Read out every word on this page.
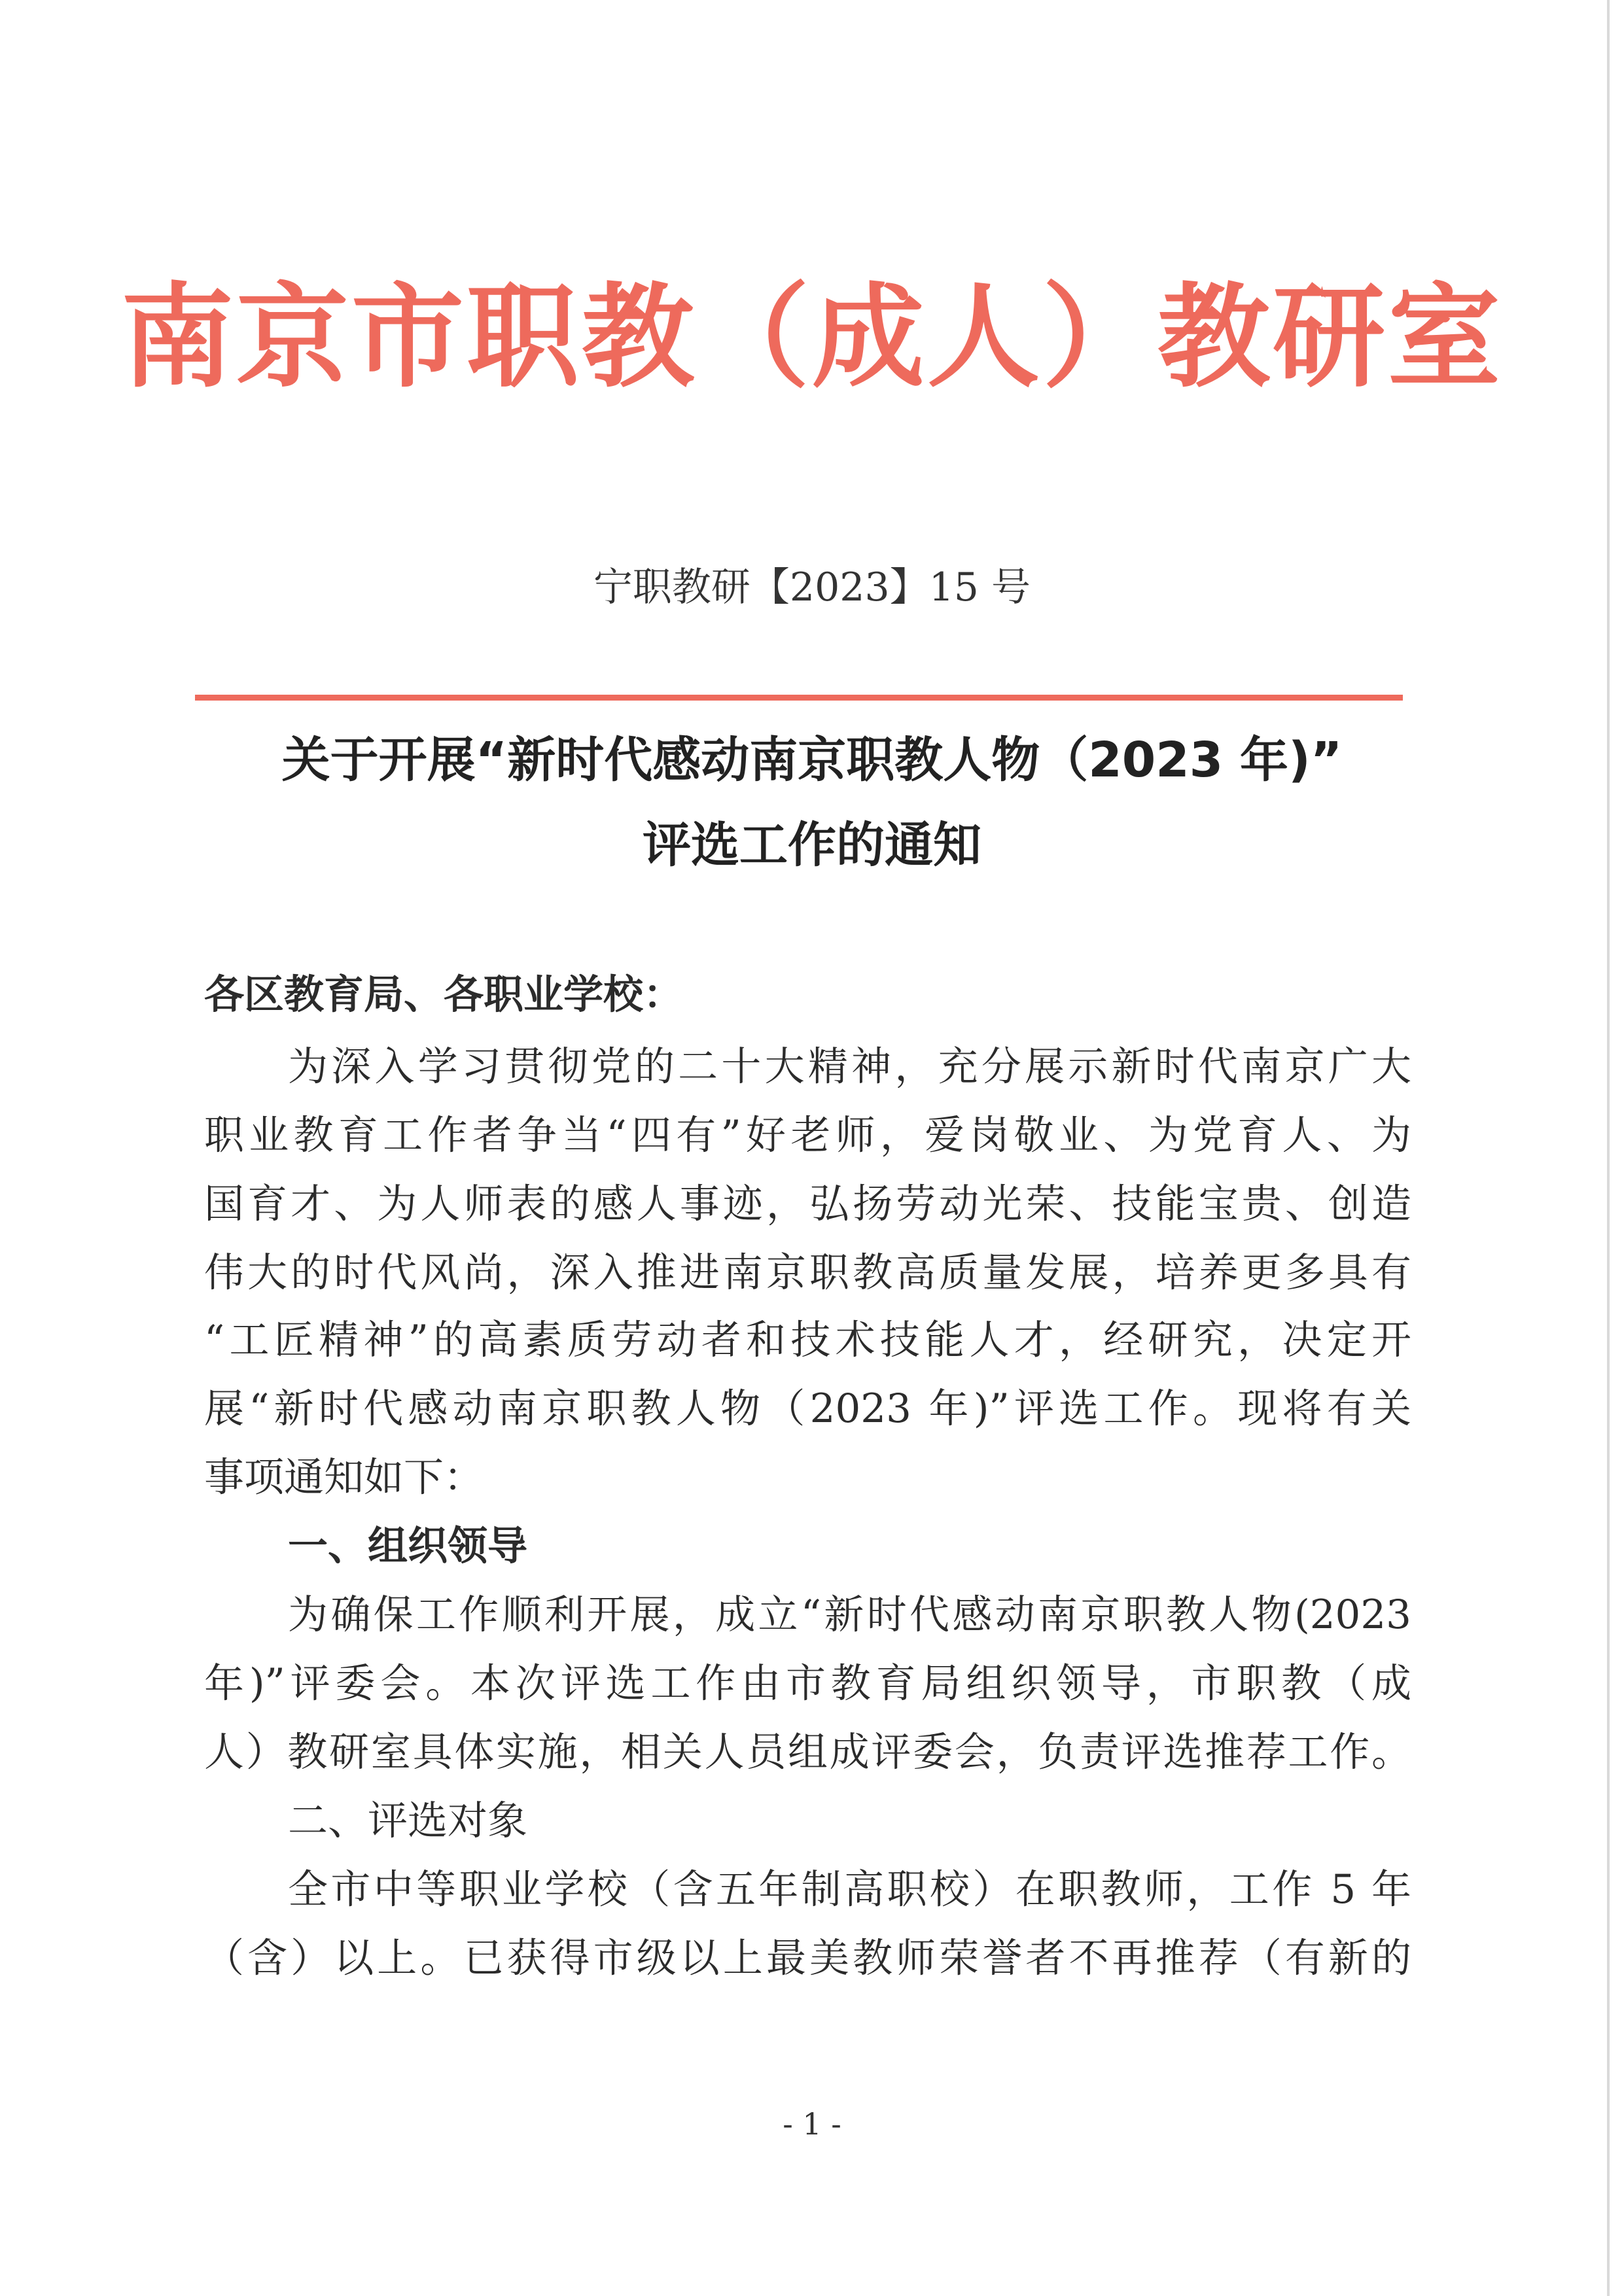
南京市职教（成人）教研室
宁职教研【2023】15 号
关于开展“新时代感动南京职教人物（2023 年)”
评选工作的通知
各区教育局、各职业学校：
为深入学习贯彻党的二十大精神，充分展示新时代南京广大
职业教育工作者争当“四有”好老师，爱岗敬业、为党育人、为
国育才、为人师表的感人事迹，弘扬劳动光荣、技能宝贵、创造
伟大的时代风尚，深入推进南京职教高质量发展，培养更多具有
“工匠精神”的高素质劳动者和技术技能人才，经研究，决定开
展“新时代感动南京职教人物（2023 年)”评选工作。现将有关
事项通知如下：
一、组织领导
为确保工作顺利开展，成立“新时代感动南京职教人物(2023
年)”评委会。本次评选工作由市教育局组织领导，市职教（成
人）教研室具体实施，相关人员组成评委会，负责评选推荐工作。
二、评选对象
全市中等职业学校（含五年制高职校）在职教师，工作 5 年
（含）以上。已获得市级以上最美教师荣誉者不再推荐（有新的
- 1 -
